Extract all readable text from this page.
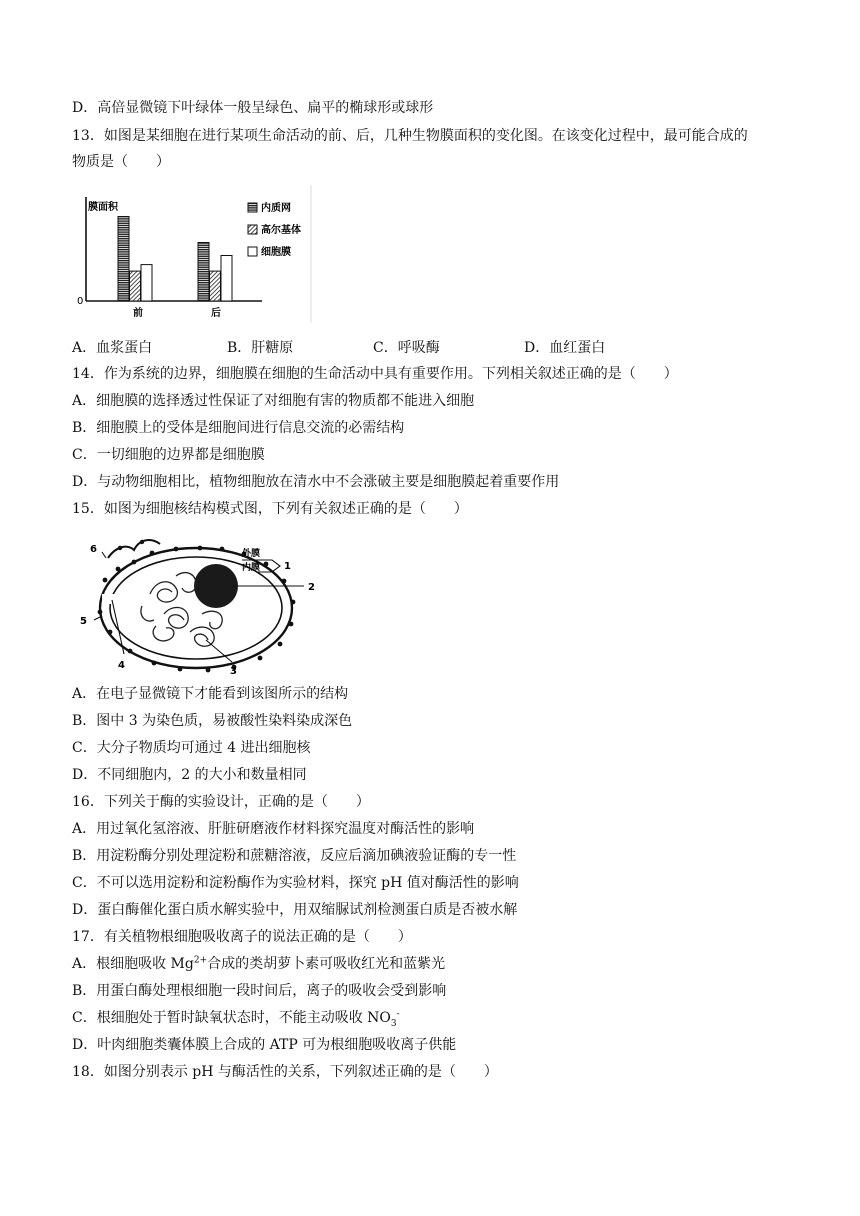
D．高倍显微镜下叶绿体一般呈绿色、扁平的椭球形或球形
13．如图是某细胞在进行某项生命活动的前、后，几种生物膜面积的变化图。在该变化过程中，最可能合成的
物质是（　　）
膜面积
0
前	后
内质网
高尔基体
细胞膜
A．血浆蛋白	B．肝糖原	C．呼吸酶	D．血红蛋白
14．作为系统的边界，细胞膜在细胞的生命活动中具有重要作用。下列相关叙述正确的是（　　）
A．细胞膜的选择透过性保证了对细胞有害的物质都不能进入细胞
B．细胞膜上的受体是细胞间进行信息交流的必需结构
C．一切细胞的边界都是细胞膜
D．与动物细胞相比，植物细胞放在清水中不会涨破主要是细胞膜起着重要作用
15．如图为细胞核结构模式图，下列有关叙述正确的是（　　）
外膜
内膜 1
2
3
4
5
6
A．在电子显微镜下才能看到该图所示的结构
B．图中 3 为染色质，易被酸性染料染成深色
C．大分子物质均可通过 4 进出细胞核
D．不同细胞内，2 的大小和数量相同
16．下列关于酶的实验设计，正确的是（　　）
A．用过氧化氢溶液、肝脏研磨液作材料探究温度对酶活性的影响
B．用淀粉酶分别处理淀粉和蔗糖溶液，反应后滴加碘液验证酶的专一性
C．不可以选用淀粉和淀粉酶作为实验材料，探究 pH 值对酶活性的影响
D．蛋白酶催化蛋白质水解实验中，用双缩脲试剂检测蛋白质是否被水解
17．有关植物根细胞吸收离子的说法正确的是（　　）
A．根细胞吸收 $Mg^{2+}$合成的类胡萝卜素可吸收红光和蓝紫光
B．用蛋白酶处理根细胞一段时间后，离子的吸收会受到影响
C．根细胞处于暂时缺氧状态时，不能主动吸收 $NO_3^-$
D．叶肉细胞类囊体膜上合成的 ATP 可为根细胞吸收离子供能
18．如图分别表示 pH 与酶活性的关系，下列叙述正确的是（　　）
